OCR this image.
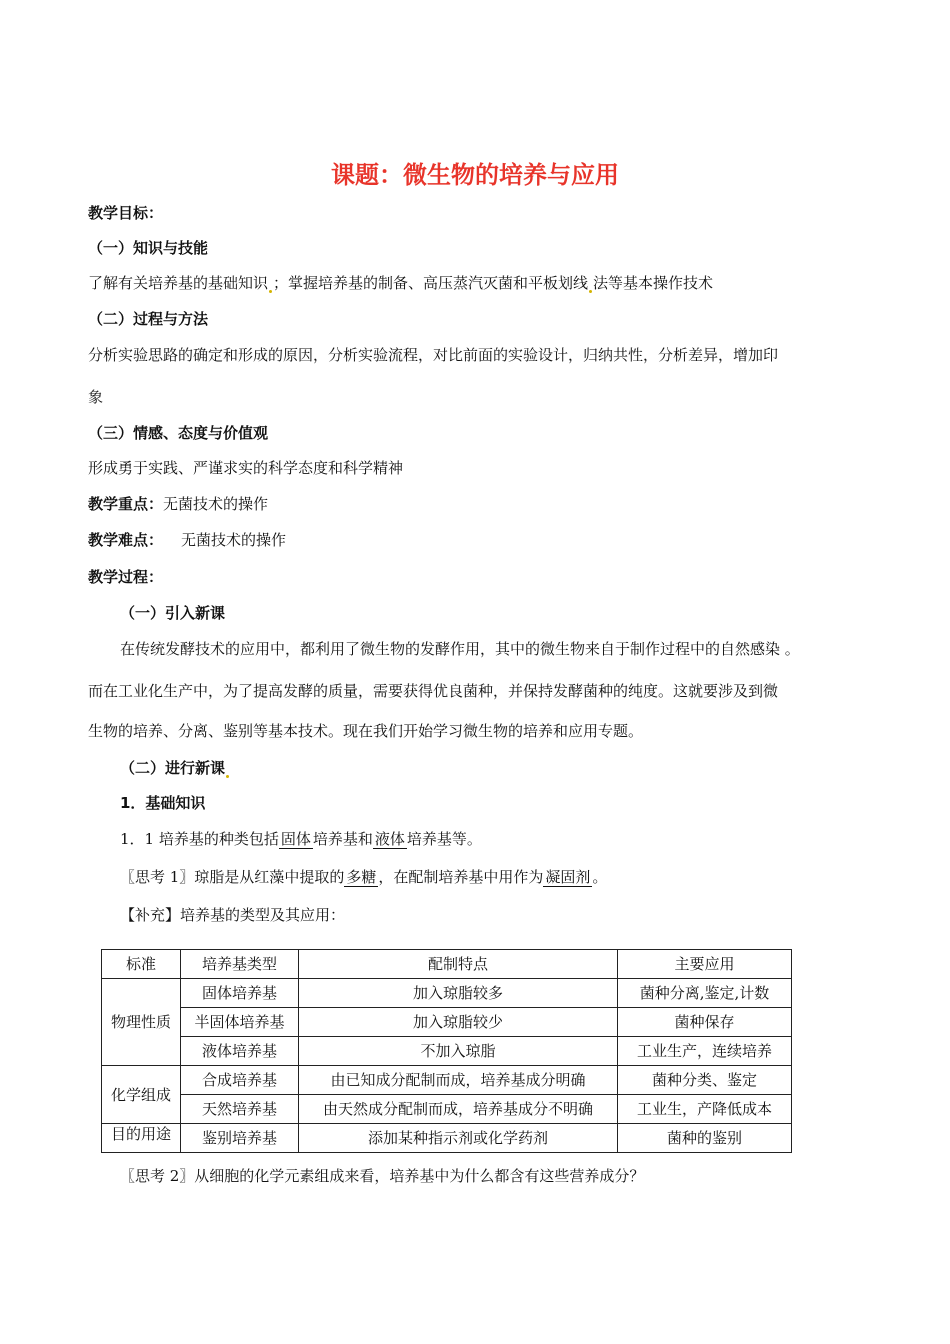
课题：微生物的培养与应用
教学目标：
（一）知识与技能
了解有关培养基的基础知识 ；掌握培养基的制备、高压蒸汽灭菌和平板划线 法等基本操作技术
（二）过程与方法
分析实验思路的确定和形成的原因，分析实验流程，对比前面的实验设计，归纳共性，分析差异，增加印
象
（三）情感、态度与价值观
形成勇于实践、严谨求实的科学态度和科学精神
教学重点：无菌技术的操作
教学难点： 无菌技术的操作
教学过程：
（一）引入新课
在传统发酵技术的应用中，都利用了微生物的发酵作用，其中的微生物来自于制作过程中的自然感染 。
而在工业化生产中，为了提高发酵的质量，需要获得优良菌种，并保持发酵菌种的纯度。这就要涉及到微
生物的培养、分离、鉴别等基本技术。现在我们开始学习微生物的培养和应用专题。
（二）进行新课
1．基础知识
1．1 培养基的种类包括 固体 培养基和 液体 培养基等。
〖思考 1〗琼脂是从红藻中提取的 多糖 ，在配制培养基中用作为 凝固剂 。
【补充】培养基的类型及其应用：
标准	培养基类型	配制特点	主要应用
物理性质	固体培养基	加入琼脂较多	菌种分离,鉴定,计数
	半固体培养基	加入琼脂较少	菌种保存
	液体培养基	不加入琼脂	工业生产，连续培养
化学组成	合成培养基	由已知成分配制而成，培养基成分明确	菌种分类、鉴定
	天然培养基	由天然成分配制而成，培养基成分不明确	工业生，产降低成本
目的用途	鉴别培养基	添加某种指示剂或化学药剂	菌种的鉴别
〖思考 2〗从细胞的化学元素组成来看，培养基中为什么都含有这些营养成分？
